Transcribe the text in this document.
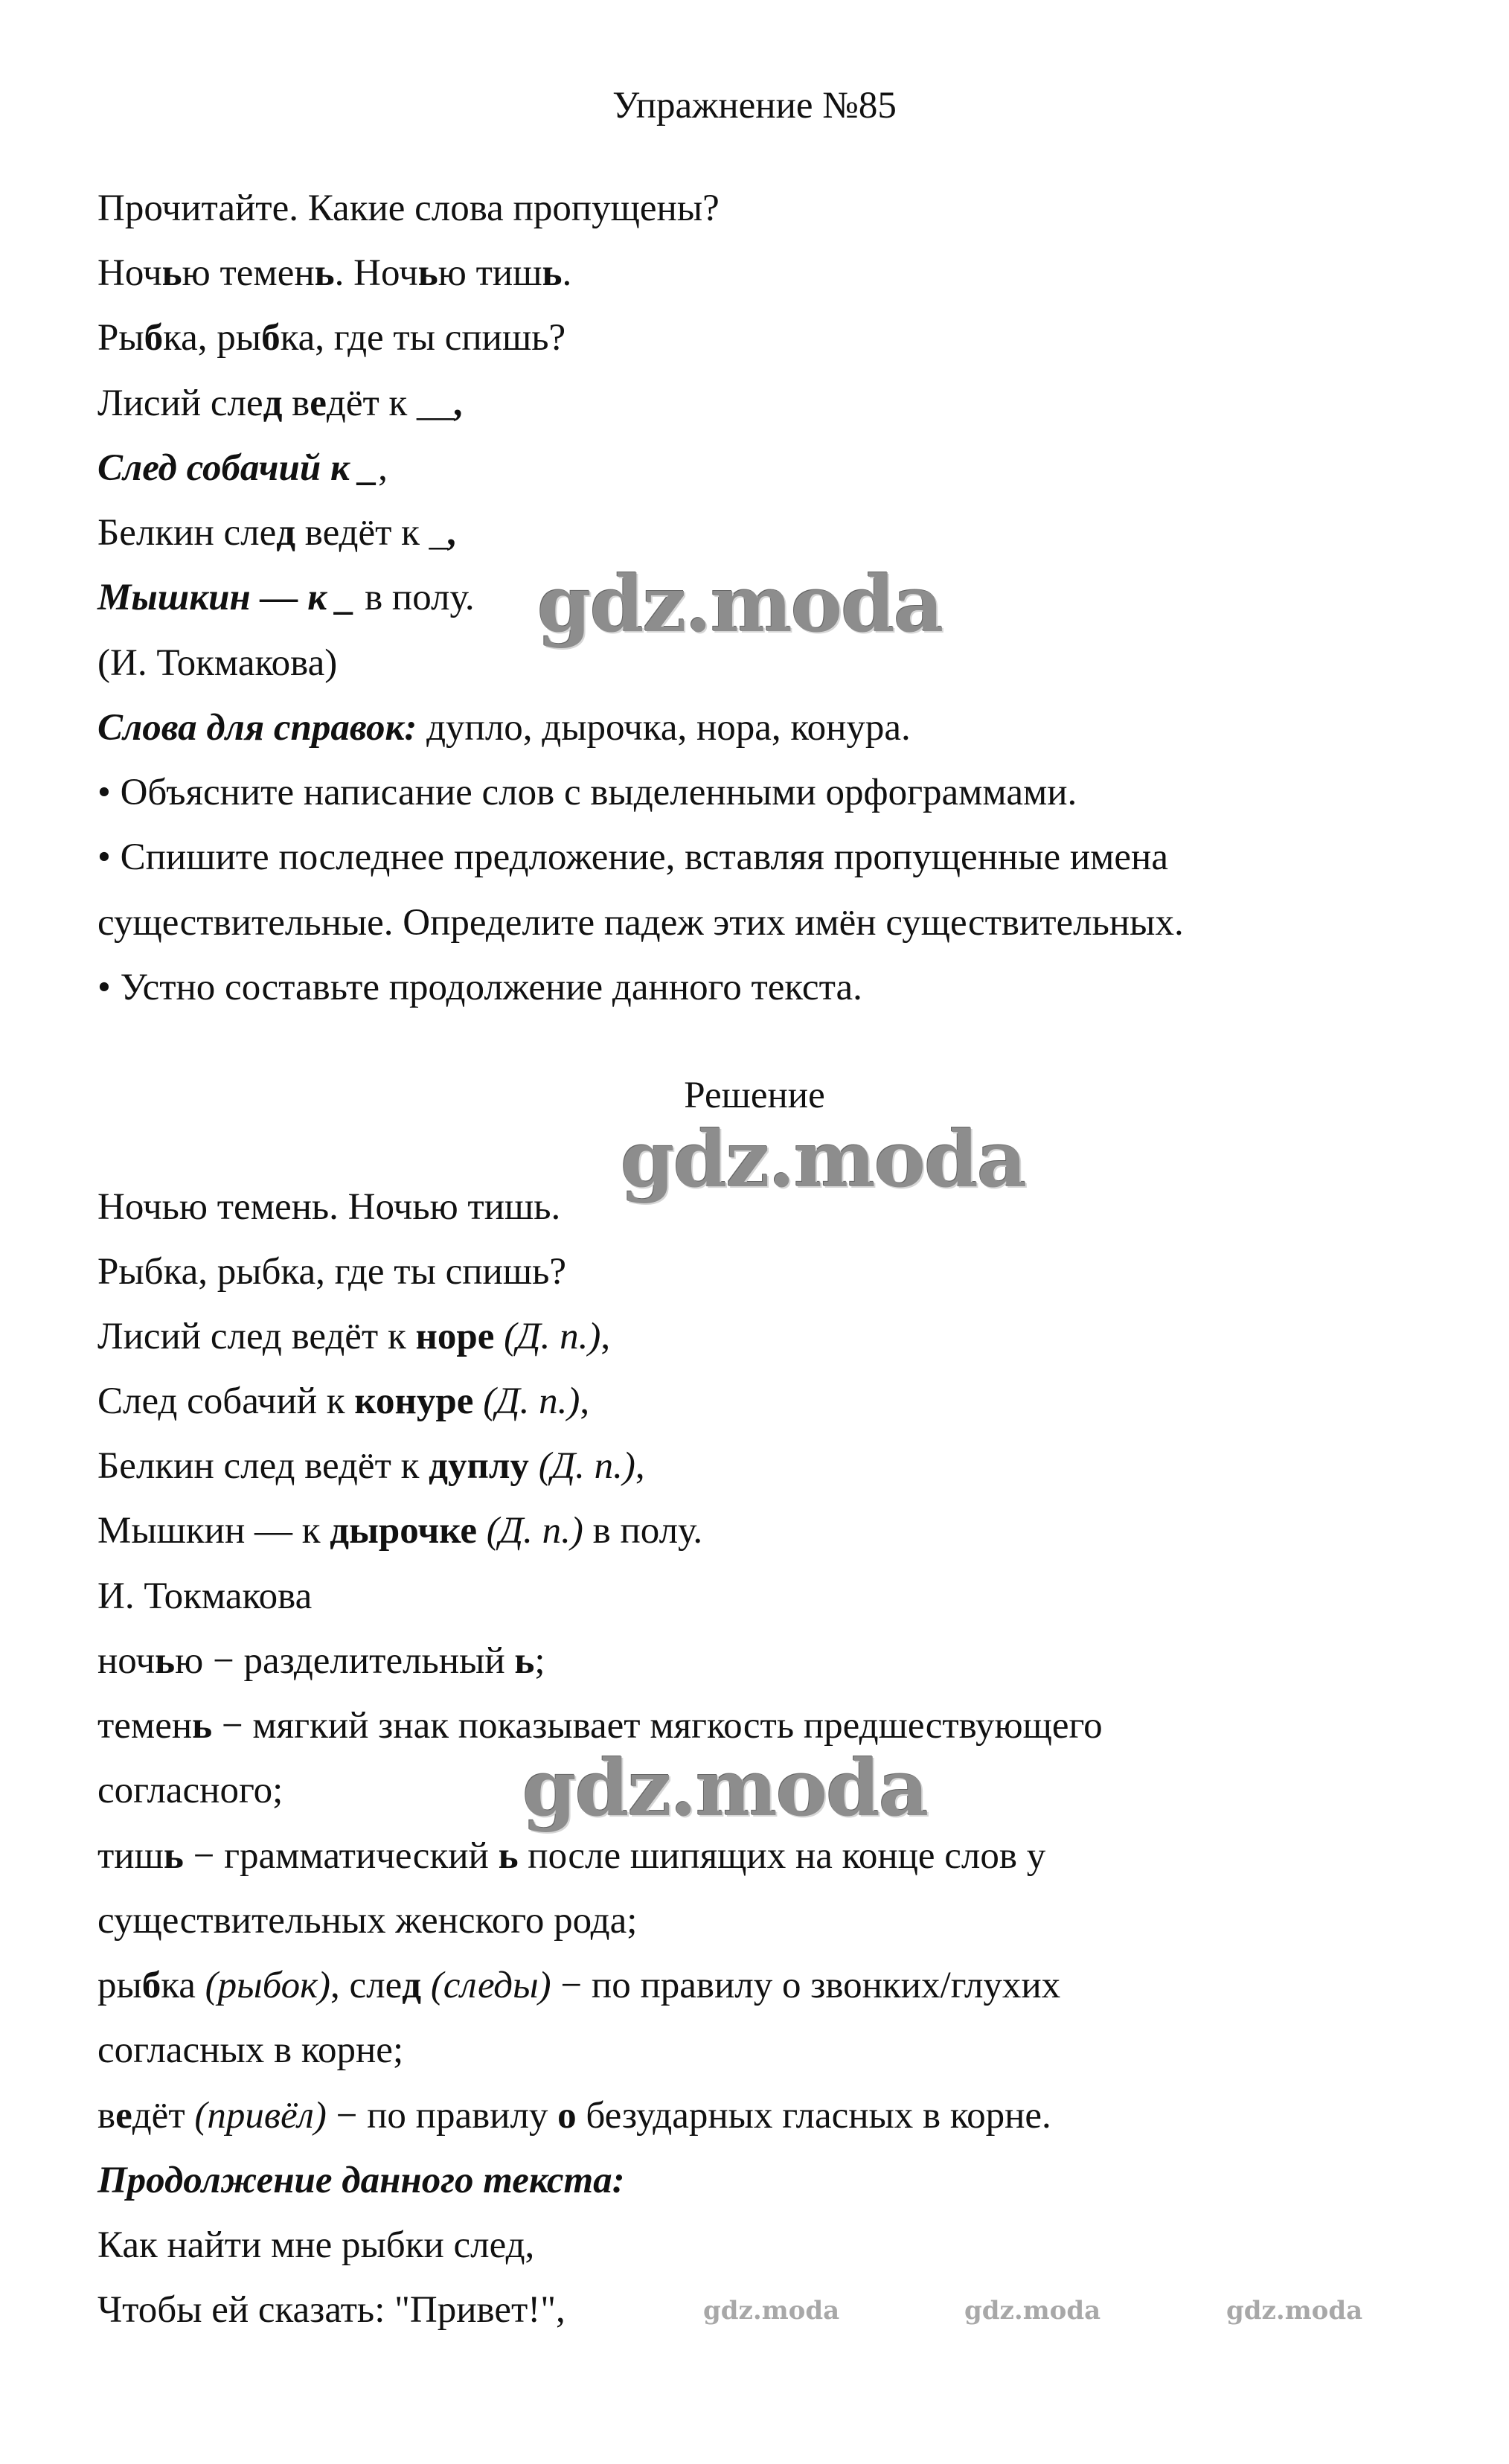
Упражнение №85
Прочитайте. Какие слова пропущены?
Ночью темень. Ночью тишь.
Рыбка, рыбка, где ты спишь?
Лисий след ведёт к __,
След собачий к _,
Белкин след ведёт к _,
Мышкин — к _ в полу.
(И. Токмакова)
Слова для справок: дупло, дырочка, нора, конура.
• Объясните написание слов с выделенными орфограммами.
• Спишите последнее предложение, вставляя пропущенные имена
существительные. Определите падеж этих имён существительных.
• Устно составьте продолжение данного текста.
Решение
Ночью темень. Ночью тишь.
Рыбка, рыбка, где ты спишь?
Лисий след ведёт к норе (Д. п.),
След собачий к конуре (Д. п.),
Белкин след ведёт к дуплу (Д. п.),
Мышкин — к дырочке (Д. п.) в полу.
И. Токмакова
ночью − разделительный ь;
темень − мягкий знак показывает мягкость предшествующего
согласного;
тишь − грамматический ь после шипящих на конце слов у
существительных женского рода;
рыбка (рыбок), след (следы) − по правилу о звонких/глухих
согласных в корне;
ведёт (привёл) − по правилу о безударных гласных в корне.
Продолжение данного текста:
Как найти мне рыбки след,
Чтобы ей сказать: "Привет!",
gdz.moda
gdz.moda
gdz.moda
gdz.moda	gdz.moda	gdz.moda
